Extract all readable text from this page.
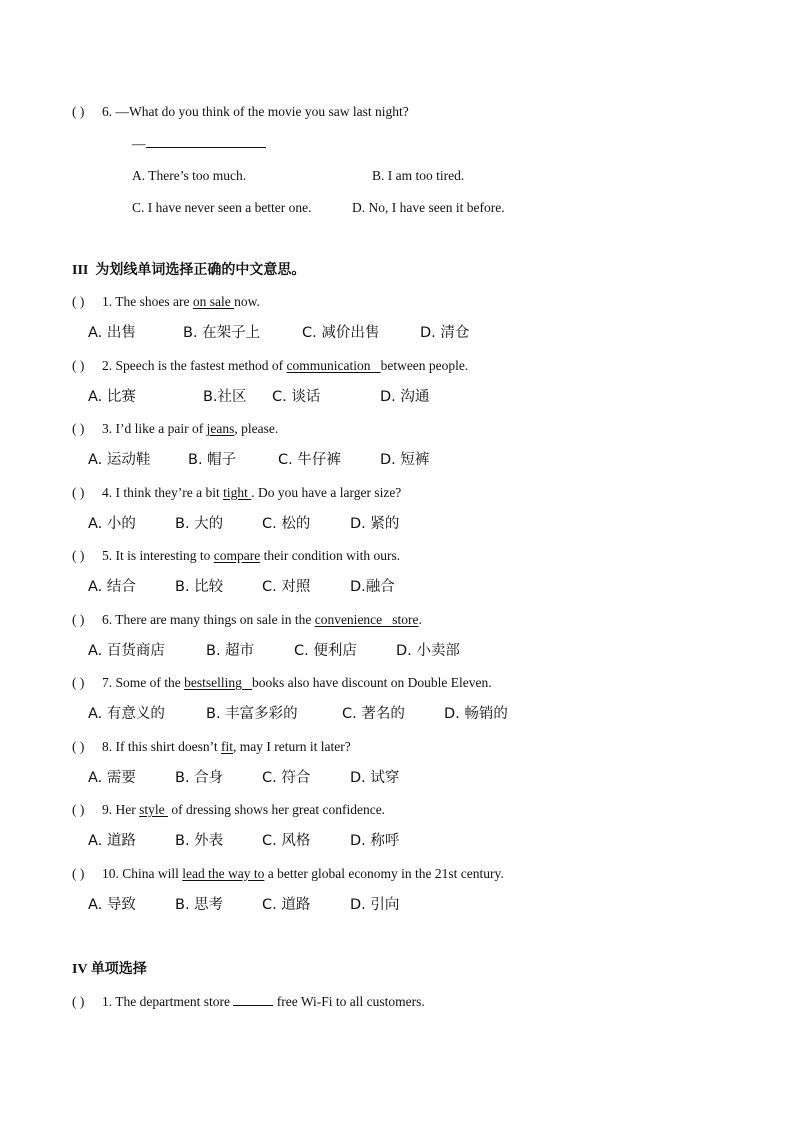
( ) 6. —What do you think of the movie you saw last night?
—
A. There’s too much.	B. I am too tired.
C. I have never seen a better one.	D. No, I have seen it before.
III 为划线单词选择正确的中文意思。
( ) 1. The shoes are on sale now.
A. 出售	B. 在架子上	C. 减价出售	D. 清仓
( ) 2. Speech is the fastest method of communication   between people.
A. 比赛	B.社区 C. 谈话	D. 沟通
( ) 3. I’d like a pair of jeans, please.
A. 运动鞋	B. 帽子	C. 牛仔裤	D. 短裤
( ) 4. I think they’re a bit tight . Do you have a larger size?
A. 小的	B. 大的	C. 松的	D. 紧的
( ) 5. It is interesting to compare their condition with ours.
A. 结合	B. 比较	C. 对照	D.融合
( ) 6. There are many things on sale in the convenience   store.
A. 百货商店	B. 超市	C. 便利店	D. 小卖部
( ) 7. Some of the bestselling   books also have discount on Double Eleven.
A. 有意义的	B. 丰富多彩的	C. 著名的	D. 畅销的
( ) 8. If this shirt doesn’t fit, may I return it later?
A. 需要	B. 合身	C. 符合	D. 试穿
( ) 9. Her style  of dressing shows her great confidence.
A. 道路	B. 外表	C. 风格	D. 称呼
( ) 10. China will lead the way to a better global economy in the 21st century.
A. 导致	B. 思考	C. 道路	D. 引向
IV 单项选择
( ) 1. The department store	free Wi-Fi to all customers.
